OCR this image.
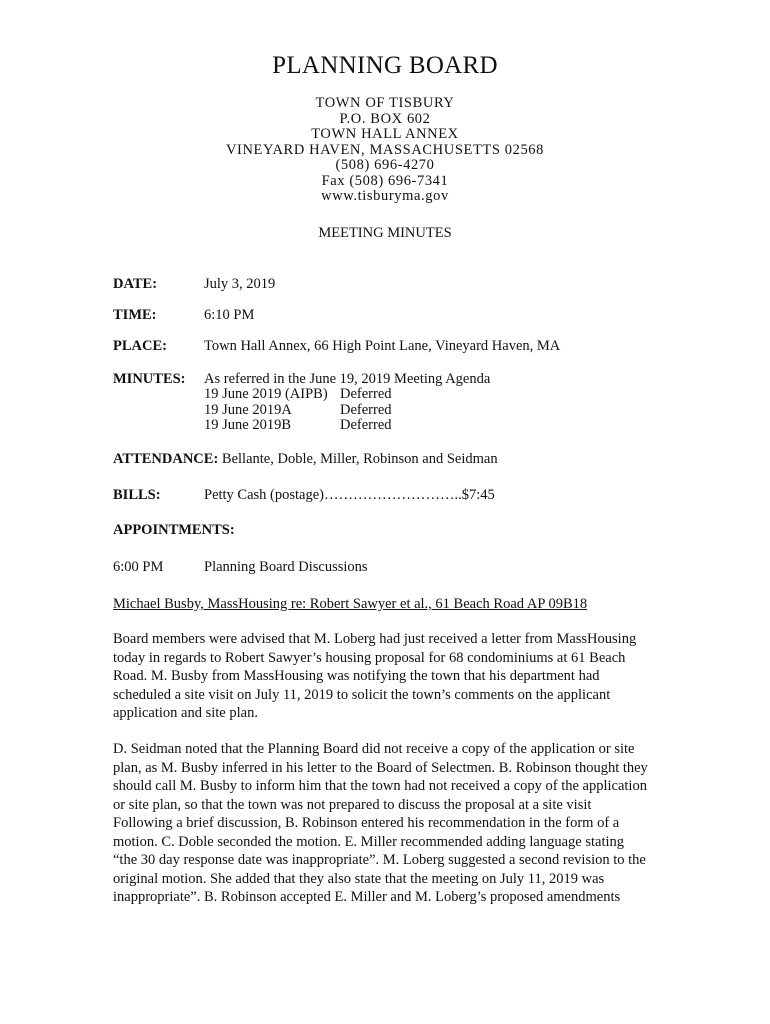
PLANNING BOARD
TOWN OF TISBURY
P.O. BOX 602
TOWN HALL ANNEX
VINEYARD HAVEN, MASSACHUSETTS 02568
(508) 696-4270
Fax (508) 696-7341
www.tisburyma.gov
MEETING MINUTES
DATE:	July 3, 2019
TIME:	6:10 PM
PLACE:	Town Hall Annex, 66 High Point Lane, Vineyard Haven, MA
MINUTES: As referred in the June 19, 2019 Meeting Agenda
19 June 2019 (AIPB) Deferred
19 June 2019A	Deferred
19 June 2019B	Deferred
ATTENDANCE: Bellante, Doble, Miller, Robinson and Seidman
BILLS:	Petty Cash (postage)………………………..$7:45
APPOINTMENTS:
6:00 PM	Planning Board Discussions
Michael Busby, MassHousing re: Robert Sawyer et al., 61 Beach Road AP 09B18
Board members were advised that M. Loberg had just received a letter from MassHousing
today in regards to Robert Sawyer’s housing proposal for 68 condominiums at 61 Beach
Road. M. Busby from MassHousing was notifying the town that his department had
scheduled a site visit on July 11, 2019 to solicit the town’s comments on the applicant
application and site plan.
D. Seidman noted that the Planning Board did not receive a copy of the application or site
plan, as M. Busby inferred in his letter to the Board of Selectmen. B. Robinson thought they
should call M. Busby to inform him that the town had not received a copy of the application
or site plan, so that the town was not prepared to discuss the proposal at a site visit
Following a brief discussion, B. Robinson entered his recommendation in the form of a
motion. C. Doble seconded the motion. E. Miller recommended adding language stating
“the 30 day response date was inappropriate”. M. Loberg suggested a second revision to the
original motion. She added that they also state that the meeting on July 11, 2019 was
inappropriate”. B. Robinson accepted E. Miller and M. Loberg’s proposed amendments
